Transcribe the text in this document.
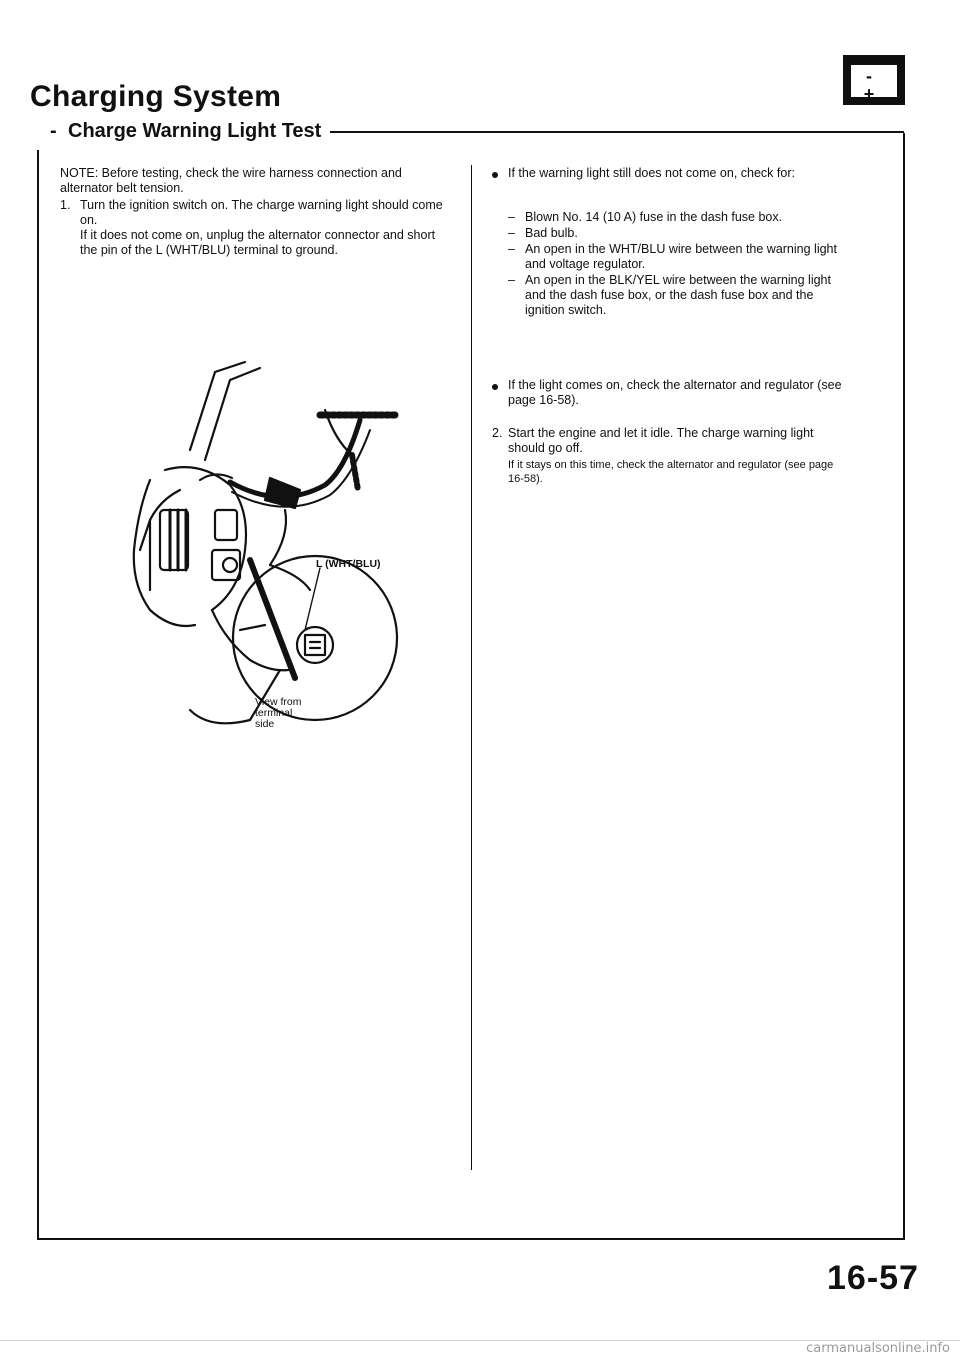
Charging System
- Charge Warning Light Test
- +
NOTE: Before testing, check the wire harness connection and alternator belt tension.
1. Turn the ignition switch on. The charge warning light should come on.
If it does not come on, unplug the alternator connector and short the pin of the L (WHT/BLU) terminal to ground.
L (WHT/BLU)
View from
terminal
side
If the warning light still does not come on, check for:
– Blown No. 14 (10 A) fuse in the dash fuse box.
– Bad bulb.
– An open in the WHT/BLU wire between the warning light and voltage regulator.
– An open in the BLK/YEL wire between the warning light and the dash fuse box, or the dash fuse box and the ignition switch.
If the light comes on, check the alternator and regulator (see page 16-58).
2. Start the engine and let it idle. The charge warning light should go off.
If it stays on this time, check the alternator and regulator (see page 16-58).
16-57
carmanualsonline.info
